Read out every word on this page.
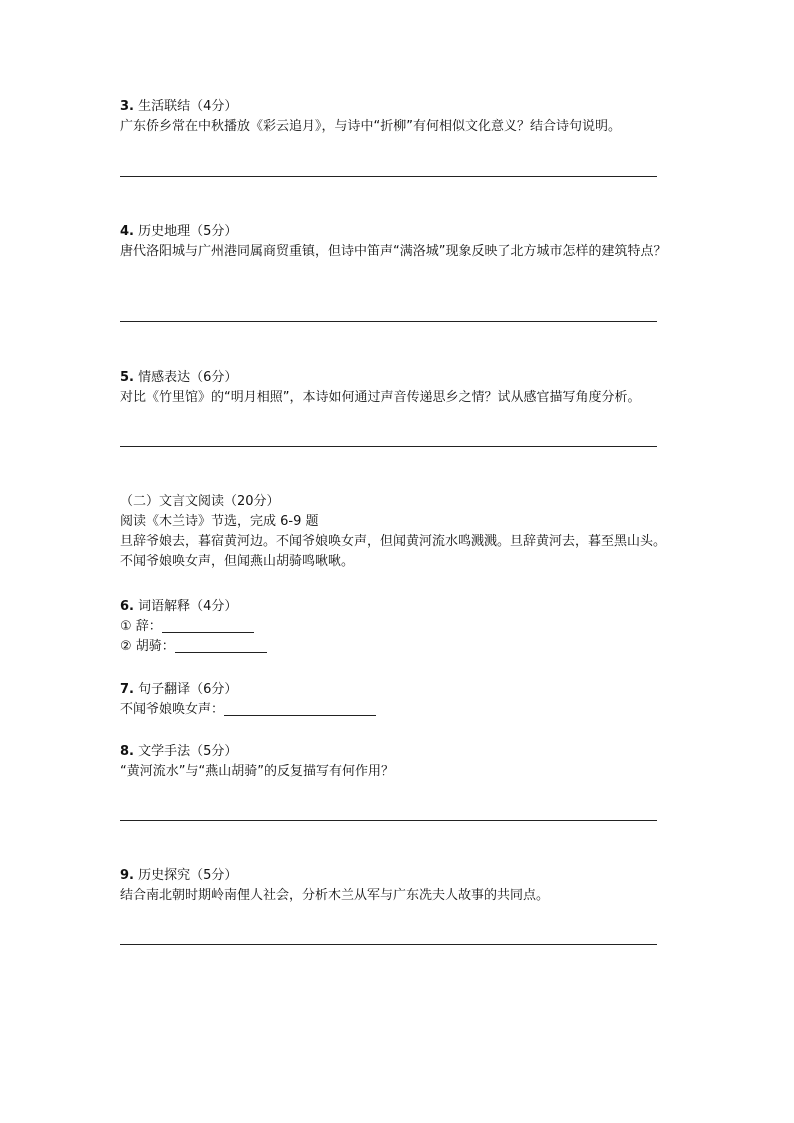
3. 生活联结（4分）
广东侨乡常在中秋播放《彩云追月》，与诗中“折柳”有何相似文化意义？结合诗句说明。
4. 历史地理（5分）
唐代洛阳城与广州港同属商贸重镇，但诗中笛声“满洛城”现象反映了北方城市怎样的建筑特点？
5. 情感表达（6分）
对比《竹里馆》的“明月相照”，本诗如何通过声音传递思乡之情？试从感官描写角度分析。
（二）文言文阅读（20分）
阅读《木兰诗》节选，完成 6-9 题
旦辞爷娘去，暮宿黄河边。不闻爷娘唤女声，但闻黄河流水鸣溅溅。旦辞黄河去，暮至黑山头。不闻爷娘唤女声，但闻燕山胡骑鸣啾啾。
6. 词语解释（4分）
① 辞：
② 胡骑：
7. 句子翻译（6分）
不闻爷娘唤女声：
8. 文学手法（5分）
“黄河流水”与“燕山胡骑”的反复描写有何作用？
9. 历史探究（5分）
结合南北朝时期岭南俚人社会，分析木兰从军与广东冼夫人故事的共同点。
